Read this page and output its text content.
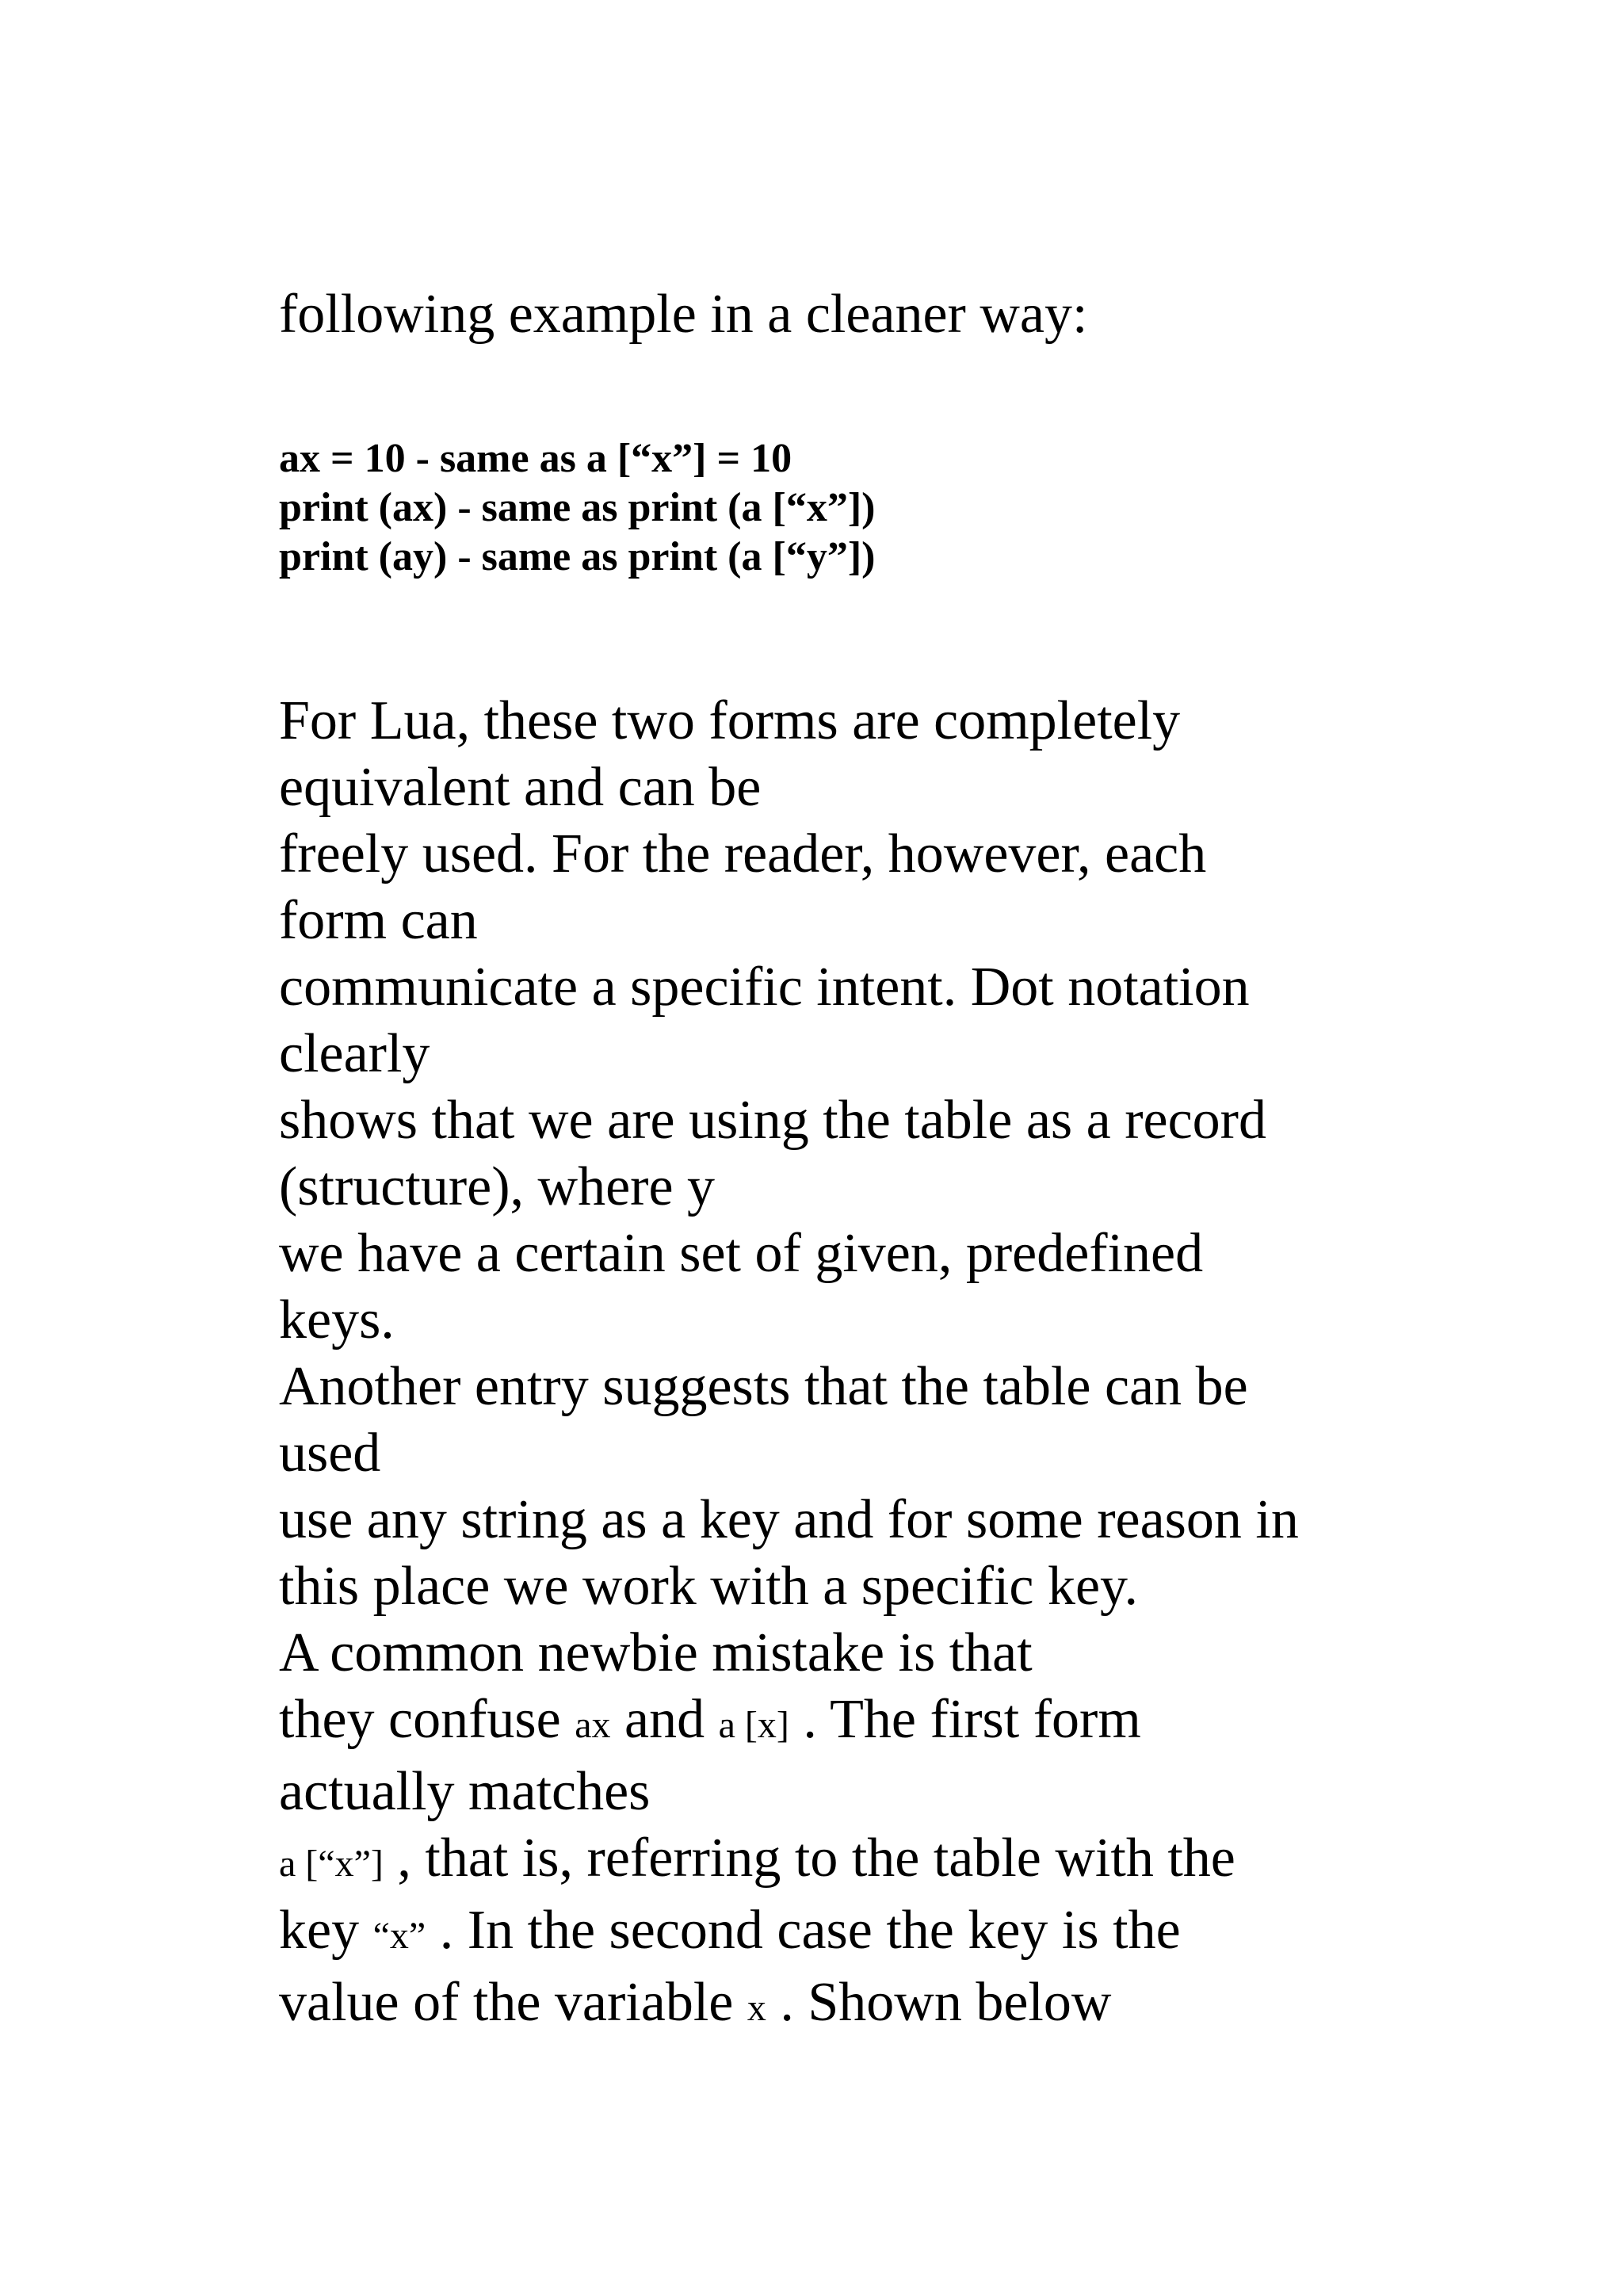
following example in a cleaner way:
ax = 10 - same as a [“x”] = 10
print (ax) - same as print (a [“x”])
print (ay) - same as print (a [“y”])
For Lua, these two forms are completely
equivalent and can be
freely used. For the reader, however, each
form can
communicate a specific intent. Dot notation
clearly
shows that we are using the table as a record
(structure), where y
we have a certain set of given, predefined
keys.
Another entry suggests that the table can be
used
use any string as a key and for some reason in
this place we work with a specific key.
A common newbie mistake is that
they confuse ax and a [x] . The first form
actually matches
a [“x”] , that is, referring to the table with the
key “x” . In the second case the key is the
value of the variable x . Shown below
